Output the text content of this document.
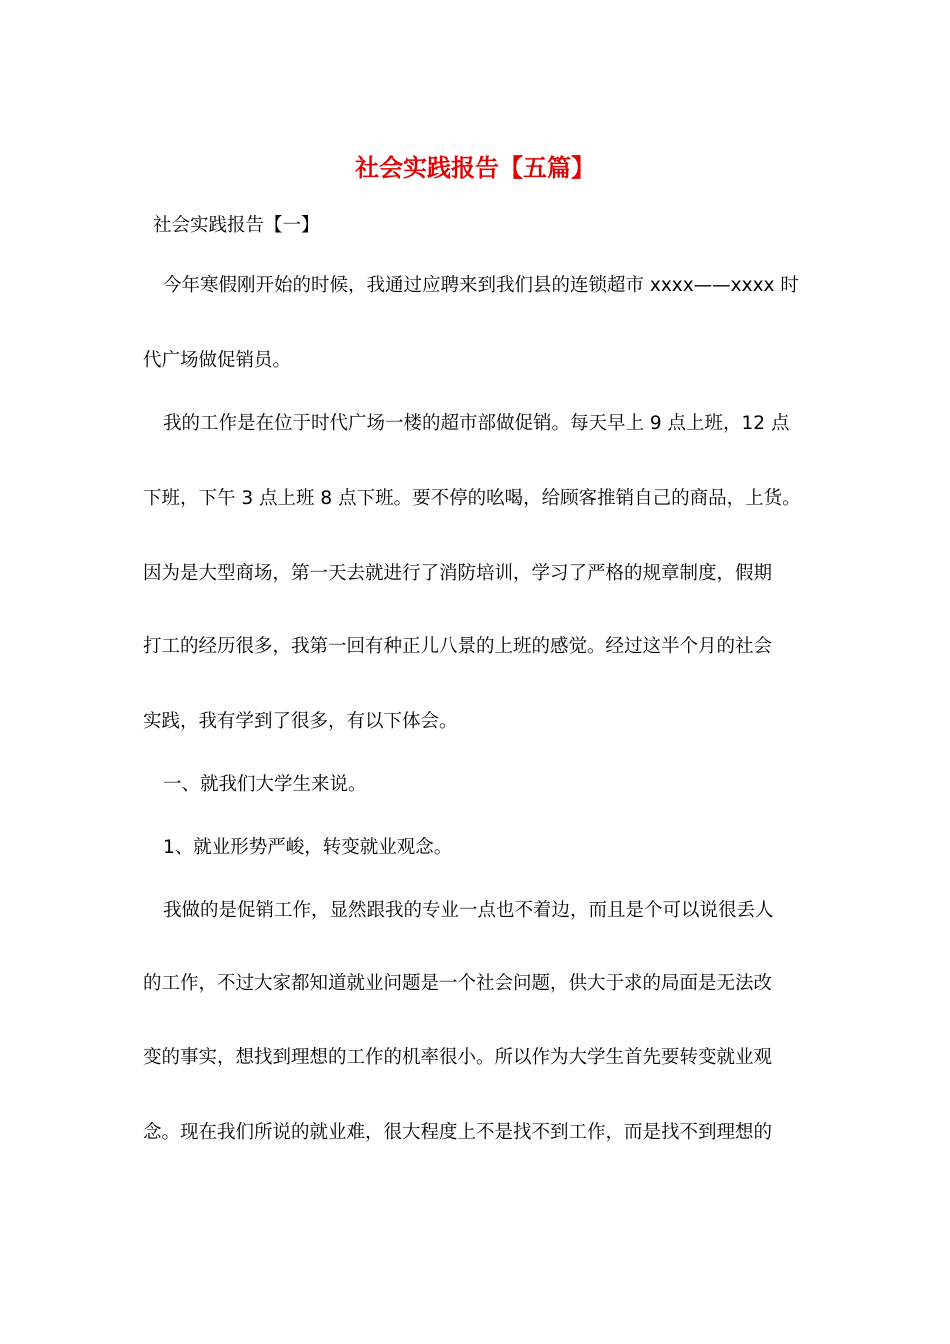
社会实践报告【五篇】
社会实践报告【一】
今年寒假刚开始的时候，我通过应聘来到我们县的连锁超市 xxxx——xxxx 时
代广场做促销员。
我的工作是在位于时代广场一楼的超市部做促销。每天早上 9 点上班，12 点
下班，下午 3 点上班 8 点下班。要不停的吆喝，给顾客推销自己的商品，上货。
因为是大型商场，第一天去就进行了消防培训，学习了严格的规章制度，假期
打工的经历很多，我第一回有种正儿八景的上班的感觉。经过这半个月的社会
实践，我有学到了很多，有以下体会。
一、就我们大学生来说。
1、就业形势严峻，转变就业观念。
我做的是促销工作，显然跟我的专业一点也不着边，而且是个可以说很丢人
的工作，不过大家都知道就业问题是一个社会问题，供大于求的局面是无法改
变的事实，想找到理想的工作的机率很小。所以作为大学生首先要转变就业观
念。现在我们所说的就业难，很大程度上不是找不到工作，而是找不到理想的
